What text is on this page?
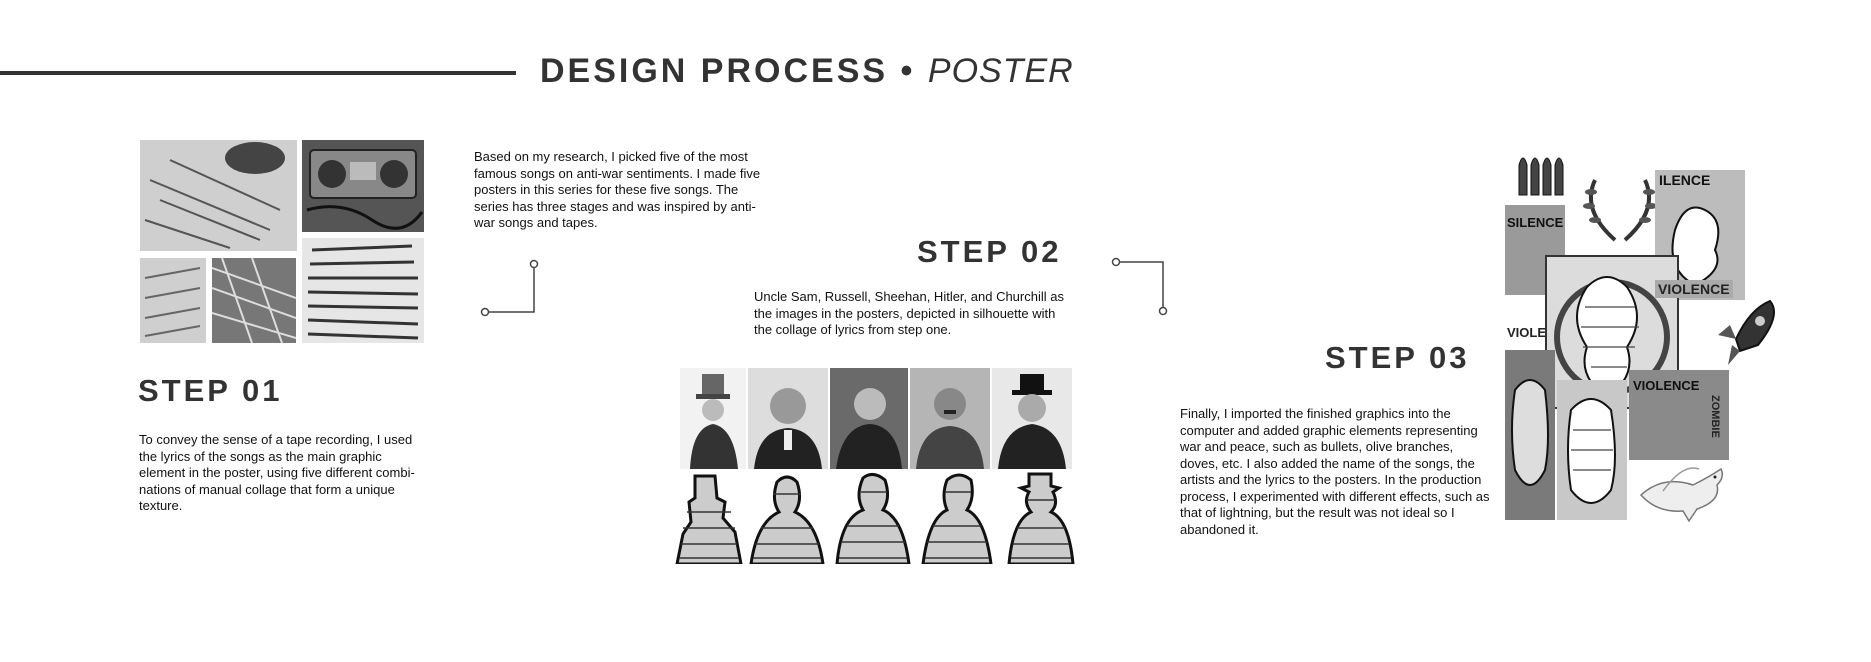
DESIGN PROCESS • POSTER
STEP 01
To convey the sense of a tape recording, I used the lyrics of the songs as the main graphic element in the poster, using five different combi-nations of manual collage that form a unique texture.
Based on my research, I picked five of the most famous songs on anti-war sentiments. I made five posters in this series for these five songs. The series has three stages and was inspired by anti-war songs and tapes.
STEP 02
Uncle Sam, Russell, Sheehan, Hitler, and Churchill as the images in the posters, depicted in silhouette with the collage of lyrics from step one.
STEP 03
Finally, I imported the finished graphics into the computer and added graphic elements representing war and peace, such as bullets, olive branches, doves, etc. I also added the name of the songs, the artists and the lyrics to the posters. In the production process, I experimented with different effects, such as that of lightning, but the result was not ideal so I abandoned it.
ILENCE
SILENCE
VIOLENCE
VIOLE
VIOLENCE
ZOMBIE
